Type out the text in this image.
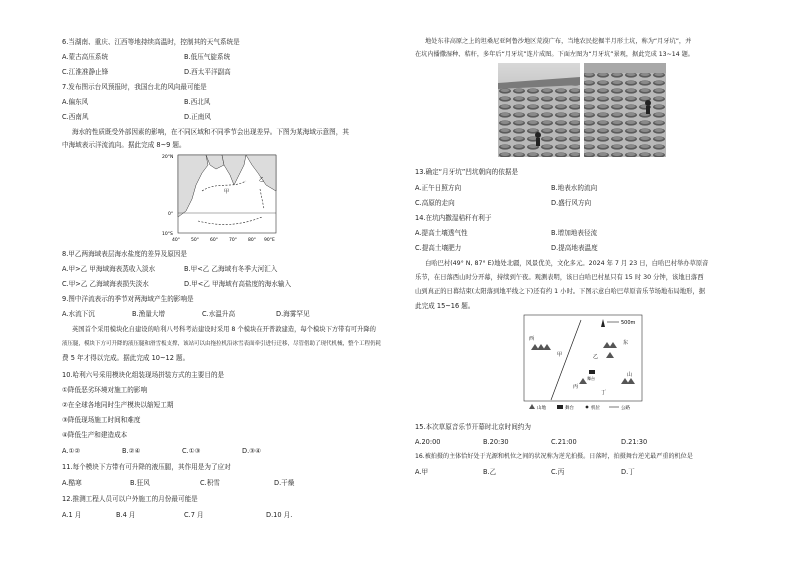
6.当湖南、重庆、江西等地持续高温时，控制其的天气系统是
A.蒙古高压系统	B.低压气旋系统
C.江淮准静止锋	D.西太平洋副高
7.发布图示台风预报时，我国台北的风向最可能是
A.偏东风	B.西北风
C.西南风	D.正南风
海水的性质既受外部因素的影响，在不同区域和不同季节会出现差异。下图为某海域示意图，其
中海域表示洋流流向。据此完成 8~9 题。
甲
乙
20°N
0°
10°S
40° 50° 60° 70° 80° 90°E
8.甲乙两海域表层海水盐度的差异及原因是
A.甲>乙 甲海域海表蒸收入淡水	B.甲<乙 乙海域有冬季大河汇入
C.甲>乙 乙海域海表损失淡水	D.甲<乙 甲海域有高盐度的海水输入
9.图中洋流表示的季节对两海域产生的影响是
A.水流下沉	B.渔量大增	C.水温升高	D.海雾罕见
英国首个采用模块化自建设的哈利八号科考站建设时采用 8 个模块在开普敦建造，每个模块下方带有可升降的
液压腿，模块下方可升降的液压腿和滑雪板支撑，该站可以由拖拉机沿冰雪表面牵引进行迁移，尽管借助了现代机械，整个工程仍耗
费 5 年才得以完成。据此完成 10~12 题。
10.哈利六号采用模块化组装现场拼装方式的主要目的是
①降低恶劣环境对施工的影响
②在全球各地同时生产模块以缩短工期
③降低现场施工时间和难度
④降低生产和建造成本
A.①②	B.②④	C.①③	D.③④
11.每个模块下方带有可升降的液压腿，其作用是为了应对
A.酷寒	B.狂风	C.积雪	D.干燥
12.推测工程人员可以户外施工的月份最可能是
A.1 月	B.4 月	C.7 月	D.10 月.
地处东非高原之上的坦桑尼亚阿鲁沙地区荒漠广布，当地农民挖掘半月形土坑，称为“月牙坑”，并
在坑内播撒湿种、秸秆，多年后“月牙坑”连片成图。下面左图为“月牙坑”景观，据此完成 13~14 题。
13.确定“月牙坑”凹坑朝向的依据是
A.正午日照方向	B.地表水的流向
C.高原的走向	D.盛行风方向
14.在坑内撒湿秸秆有利于
A.提高土壤透气性	B.增加地表径流
C.提高土壤肥力	D.提高地表温度
白哈巴村(49° N, 87° E)地处北疆，风景优美，文化多元。2024 年 7 月 23 日，白哈巴村举办草原音
乐节，在日落西山时分开幕，持续到午夜。观测表明，该日白哈巴村星只有 15 时 30 分钟，该地日落西
山到真正的日暮结束(太阳落到地平线之下)还有约 1 小时。下图示意白哈巴草原音乐节场地布局地形，据
此完成 15~16 题。
500m
西
东
甲	乙
丙
丁
山
舞台
山地	舞台	机位	公路
15.本次草原音乐节开幕时北京时间约为
A.20:00	B.20:30	C.21:00	D.21:30
16.被拍摄的主体恰好处于光源和机位之间的状况称为逆光拍摄。日落时，拍摄舞台逆光最严重的机位是
A.甲	B.乙	C.丙	D.丁
